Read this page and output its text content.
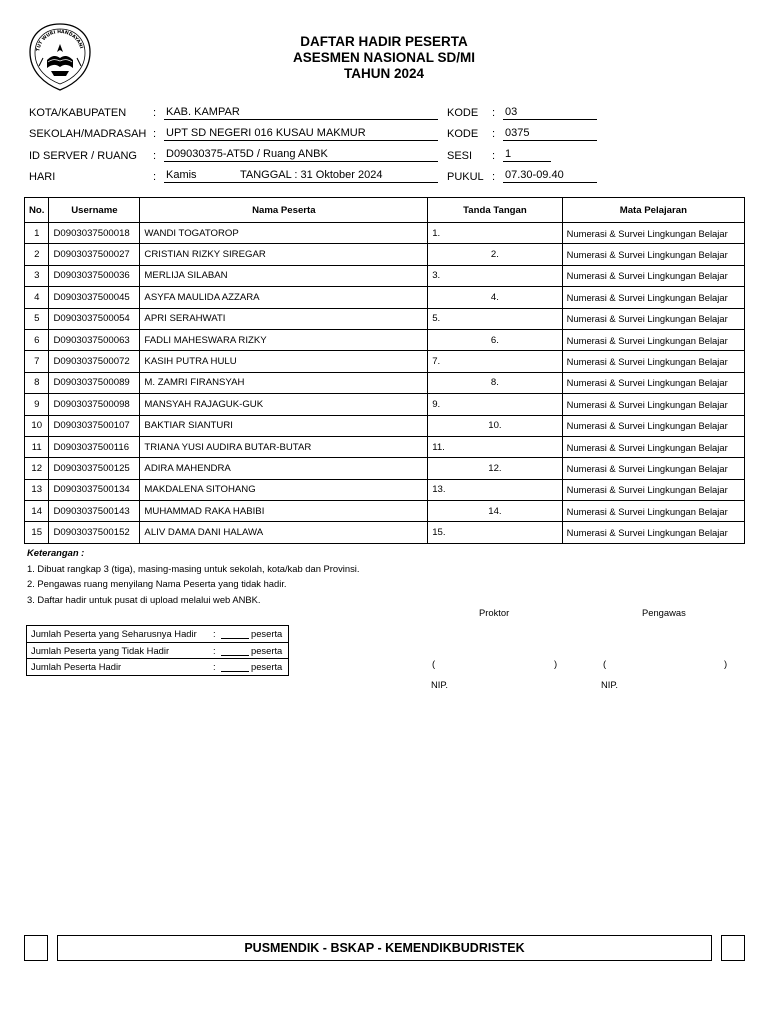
TUT WURI HANDAYANI	DAFTAR HADIR PESERTA
ASESMEN NASIONAL SD/MI
TAHUN 2024
KOTA/KABUPATEN : KAB. KAMPAR
SEKOLAH/MADRASAH : UPT SD NEGERI 016 KUSAU MAKMUR
ID SERVER / RUANG : D09030375-AT5D / Ruang ANBK
HARI	: Kamis	TANGGAL : 31 Oktober 2024
KODE : 03
KODE : 0375
SESI : 1
PUKUL : 07.30-09.40
No.	Username	Nama Peserta	Tanda Tangan	Mata Pelajaran
1	D0903037500018	WANDI TOGATOROP	1.	Numerasi & Survei Lingkungan Belajar
2	D0903037500027	CRISTIAN RIZKY SIREGAR	2.	Numerasi & Survei Lingkungan Belajar
3	D0903037500036	MERLIJA SILABAN	3.	Numerasi & Survei Lingkungan Belajar
4	D0903037500045	ASYFA MAULIDA AZZARA	4.	Numerasi & Survei Lingkungan Belajar
5	D0903037500054	APRI SERAHWATI	5.	Numerasi & Survei Lingkungan Belajar
6	D0903037500063	FADLI MAHESWARA RIZKY	6.	Numerasi & Survei Lingkungan Belajar
7	D0903037500072	KASIH PUTRA HULU	7.	Numerasi & Survei Lingkungan Belajar
8	D0903037500089	M. ZAMRI FIRANSYAH	8.	Numerasi & Survei Lingkungan Belajar
9	D0903037500098	MANSYAH RAJAGUK-GUK	9.	Numerasi & Survei Lingkungan Belajar
10	D0903037500107	BAKTIAR SIANTURI	10.	Numerasi & Survei Lingkungan Belajar
11	D0903037500116	TRIANA YUSI AUDIRA BUTAR-BUTAR	11.	Numerasi & Survei Lingkungan Belajar
12	D0903037500125	ADIRA MAHENDRA	12.	Numerasi & Survei Lingkungan Belajar
13	D0903037500134	MAKDALENA SITOHANG	13.	Numerasi & Survei Lingkungan Belajar
14	D0903037500143	MUHAMMAD RAKA HABIBI	14.	Numerasi & Survei Lingkungan Belajar
15	D0903037500152	ALIV DAMA DANI HALAWA	15.	Numerasi & Survei Lingkungan Belajar
Keterangan :
1. Dibuat rangkap 3 (tiga), masing-masing untuk sekolah, kota/kab dan Provinsi.
2. Pengawas ruang menyilang Nama Peserta yang tidak hadir.
3. Daftar hadir untuk pusat di upload melalui web ANBK.
Jumlah Peserta yang Seharusnya Hadir :	peserta
Jumlah Peserta yang Tidak Hadir	:	peserta
Jumlah Peserta Hadir	:	peserta
Proktor	Pengawas
(	)	(	)
NIP.	NIP.
PUSMENDIK - BSKAP - KEMENDIKBUDRISTEK
